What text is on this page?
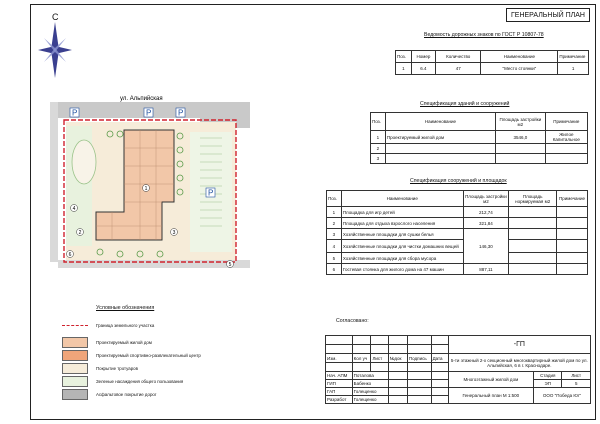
С	ГЕНЕРАЛЬНЫЙ ПЛАН
Ведомость дорожных знаков по ГОСТ Р 10807-78
Поз.	Номер	Количество	Наименование	Примечание
1	6.4	47	"Место стоянки"	1
Спецификация зданий и сооружений
Поз.	Наименование	Площадь застройки м2	Примечание
1	Проектируемый жилой дом	3546,0	Жилое Капитальное
2			
3			
Спецификация сооружений и площадок
Поз.	Наименование	Площадь застройки м2	Площадь нормируемая м2	Примечание
1	Площадка для игр детей	212,74		
2	Площадка для отдыха взрослого населения	321,84		
3	Хозяйственные площадки для сушки белья	146,30		
4	Хозяйственные площадки для чистки домашних вещей			
5	Хозяйственные площадки для сбора мусора			
6	Гостевая стоянка для жилого дома на 47 машин	887,11		
ул. Альпийская
P	P	P
P
1
2	3
4
5
6
Условные обозначения
Граница земельного участка
Проектируемый жилой дом
Проектируемый спортивно-развлекательный центр
Покрытие тротуаров
Зеленые насаждения общего пользования
Асфальтовое покрытие дорог
Согласовано:
						-ГП		

Изм.	Кол уч	Лист	№док	Подпись	Дата	5-ти этажный 2-х секционный многоквартирный жилой дом по ул. Альпийская, 6 в г. Краснодаре.		

Нач. АПМ	Поталова					Многоэтажный жилой дом	Стадия	Лист
ГИП	Бабенко						ЭП	5
ГАП	Голещенко					Генеральный план М 1:500	ООО "Победа Юг"	
Разработ	Голещенко							
